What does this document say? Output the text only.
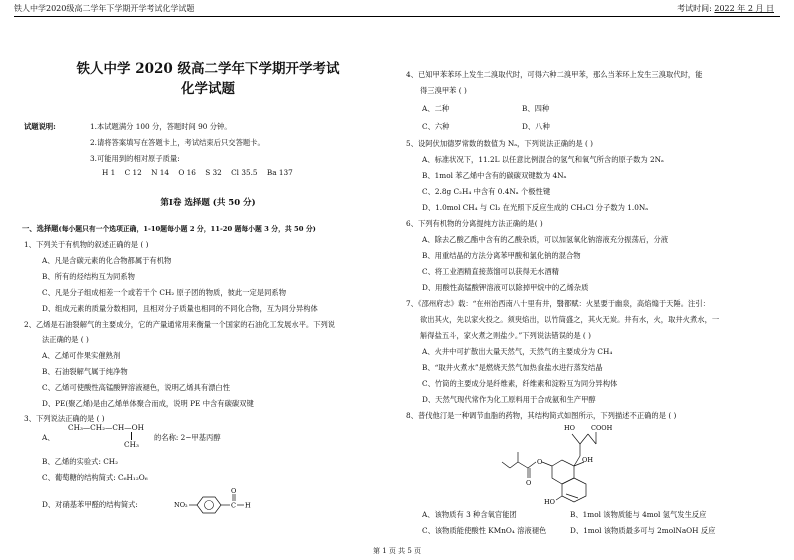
铁人中学2020级高二学年下学期开学考试化学试题	考试时间: 2022 年 2 月 日
铁人中学 2020 级高二学年下学期开学考试
化学试题
试题说明:	1.本试题满分 100 分，答题时间 90 分钟。
2.请将答案填写在答题卡上，考试结束后只交答题卡。
3.可能用到的相对原子质量:
H 1    C 12    N 14    O 16    S 32    Cl 35.5    Ba 137
第Ⅰ卷 选择题 (共 50 分)
一、选择题(每小题只有一个选项正确，1-10题每小题 2 分，11-20 题每小题 3 分，共 50 分)
1、下列关于有机物的叙述正确的是 ( )
A、凡是含碳元素的化合物都属于有机物
B、所有的烃结构互为同系物
C、凡是分子组成相差一个或若干个 CH₂ 原子团的物质，彼此一定是同系物
D、组成元素的质量分数相同，且相对分子质量也相同的不同化合物，互为同分异构体
2、乙烯是石油裂解气的主要成分，它的产量通常用来衡量一个国家的石油化工发展水平。下列说
法正确的是 ( )
A、乙烯可作果实催熟剂
B、石油裂解气属于纯净物
C、乙烯可使酸性高锰酸钾溶液褪色，说明乙烯具有漂白性
D、PE(聚乙烯)是由乙烯单体聚合而成，说明 PE 中含有碳碳双键
3、下列说法正确的是 ( )
A、
CH₃—CH₂—CH—OH
CH₃
的名称: 2−甲基丙醇
B、乙烯的实验式: CH₂
C、葡萄糖的结构简式: C₆H₁₂O₆
D、对硝基苯甲醛的结构简式:	NO₂	C
O
H
4、已知甲苯苯环上发生二溴取代时，可得六种二溴甲苯，那么当苯环上发生三溴取代时，能
得三溴甲苯 ( )
A、二种	B、四种
C、六种	D、八种
5、设阿伏加德罗常数的数值为 Nₐ，下列说法正确的是 ( )
A、标准状况下，11.2L 以任意比例混合的氢气和氧气所含的原子数为 2Nₐ
B、1mol 苯乙烯中含有的碳碳双键数为 4Nₐ
C、2.8g C₂H₄ 中含有 0.4Nₐ 个极性键
D、1.0mol CH₄ 与 Cl₂ 在光照下反应生成的 CH₃Cl 分子数为 1.0Nₐ
6、下列有机物的分离提纯方法正确的是( )
A、除去乙酸乙酯中含有的乙酸杂质，可以加氢氧化钠溶液充分振荡后，分液
B、用重结晶的方法分离苯甲酸和氯化钠的混合物
C、将工业酒精直接蒸馏可以获得无水酒精
D、用酸性高锰酸钾溶液可以除掉甲烷中的乙烯杂质
7、《邵州府志》载：“在州治西南八十里有井，翳都赋：火星要于幽泉，高焰煽于天陲。注引：
欲出其火，先以家火投之。须臾焰出，以竹筒盛之，其火无炭。井有水，火，取井火煮水，一
斛得盐五斗，家火煮之则盐少。”下列说法错误的是 ( )
A、火井中可扩散出大量天然气，天然气的主要成分为 CH₄
B、“取井火煮水”是燃烧天然气加热食盐水进行蒸发结晶
C、竹筒的主要成分是纤维素，纤维素和淀粉互为同分异构体
D、天然气现代常作为化工原料用于合成氨和生产甲醇
8、普伐他汀是一种调节血脂的药物，其结构简式如图所示，下列描述不正确的是 ( )
HO COOH
OH
O
O
HO
A、该物质有 3 种含氧官能团	B、1mol 该物质能与 4mol 氢气发生反应
C、该物质能使酸性 KMnO₄ 溶液褪色	D、1mol 该物质最多可与 2molNaOH 反应
第 1 页 共 5 页
